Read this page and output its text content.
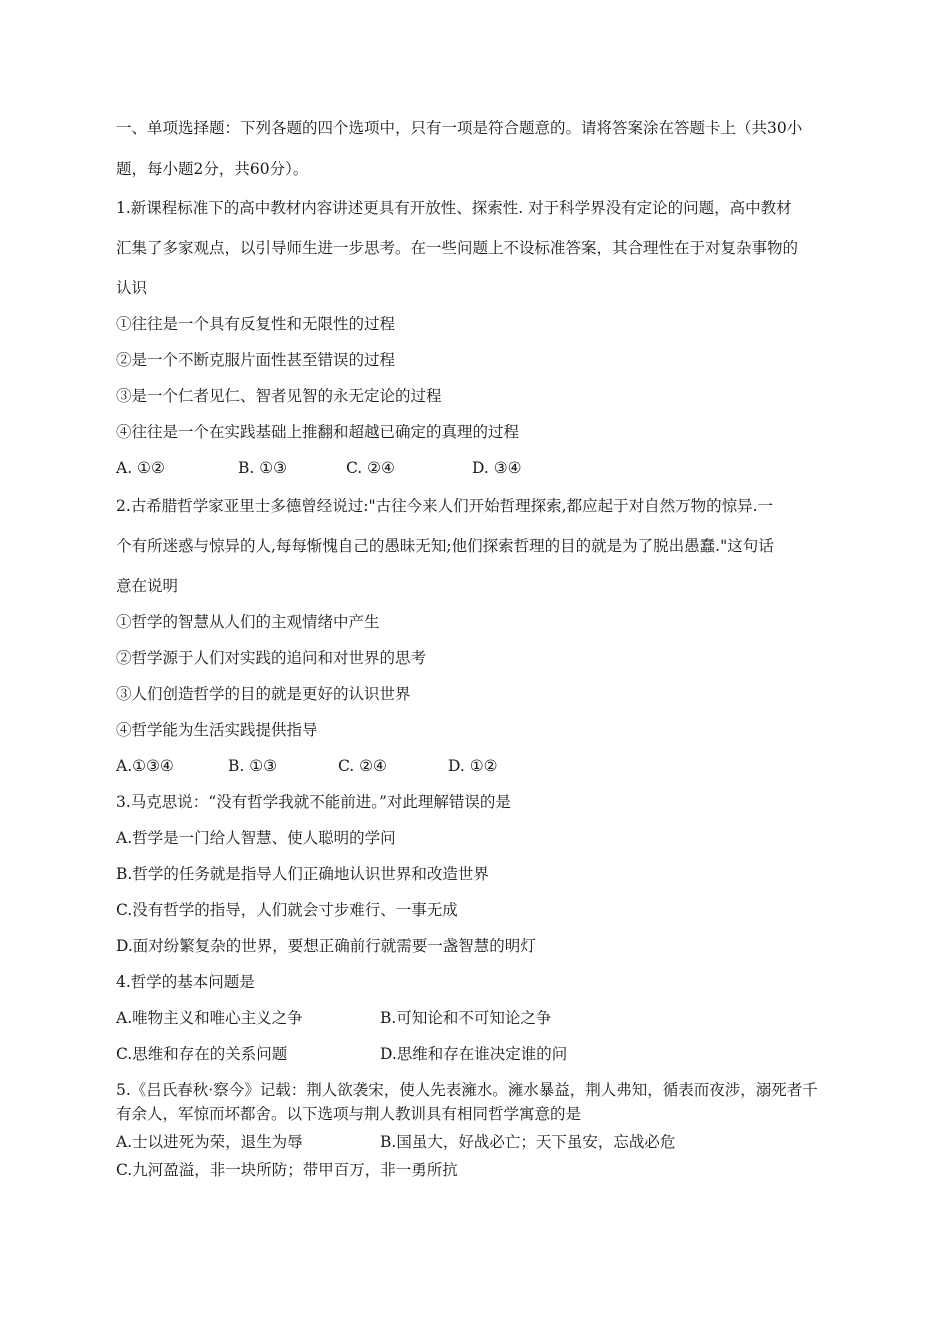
一、单项选择题：下列各题的四个选项中，只有一项是符合题意的。请将答案涂在答题卡上（共30小
题，每小题2分，共60分）。
1.新课程标准下的高中教材内容讲述更具有开放性、探索性. 对于科学界没有定论的问题，高中教材
汇集了多家观点，以引导师生进一步思考。在一些问题上不设标准答案，其合理性在于对复杂事物的
认识
①往往是一个具有反复性和无限性的过程
②是一个不断克服片面性甚至错误的过程
③是一个仁者见仁、智者见智的永无定论的过程
④往往是一个在实践基础上推翻和超越已确定的真理的过程
A. ①②	B. ①③	C. ②④	D. ③④
2.古希腊哲学家亚里士多德曾经说过:"古往今来人们开始哲理探索,都应起于对自然万物的惊异.一
个有所迷惑与惊异的人,每每惭愧自己的愚昧无知;他们探索哲理的目的就是为了脱出愚蠢."这句话
意在说明
①哲学的智慧从人们的主观情绪中产生
②哲学源于人们对实践的追问和对世界的思考
③人们创造哲学的目的就是更好的认识世界
④哲学能为生活实践提供指导
A.①③④	B. ①③	C. ②④	D. ①②
3.马克思说：“没有哲学我就不能前进。”对此理解错误的是
A.哲学是一门给人智慧、使人聪明的学问
B.哲学的任务就是指导人们正确地认识世界和改造世界
C.没有哲学的指导，人们就会寸步难行、一事无成
D.面对纷繁复杂的世界，要想正确前行就需要一盏智慧的明灯
4.哲学的基本问题是
A.唯物主义和唯心主义之争	B.可知论和不可知论之争
C.思维和存在的关系问题	D.思维和存在谁决定谁的问
5.《吕氏春秋·察今》记载：荆人欲袭宋，使人先表澭水。澭水暴益，荆人弗知，循表而夜涉，溺死者千
有余人，军惊而坏都舍。以下选项与荆人教训具有相同哲学寓意的是
A.士以进死为荣，退生为辱	B.国虽大，好战必亡；天下虽安，忘战必危
C.九河盈溢，非一块所防；带甲百万，非一勇所抗
